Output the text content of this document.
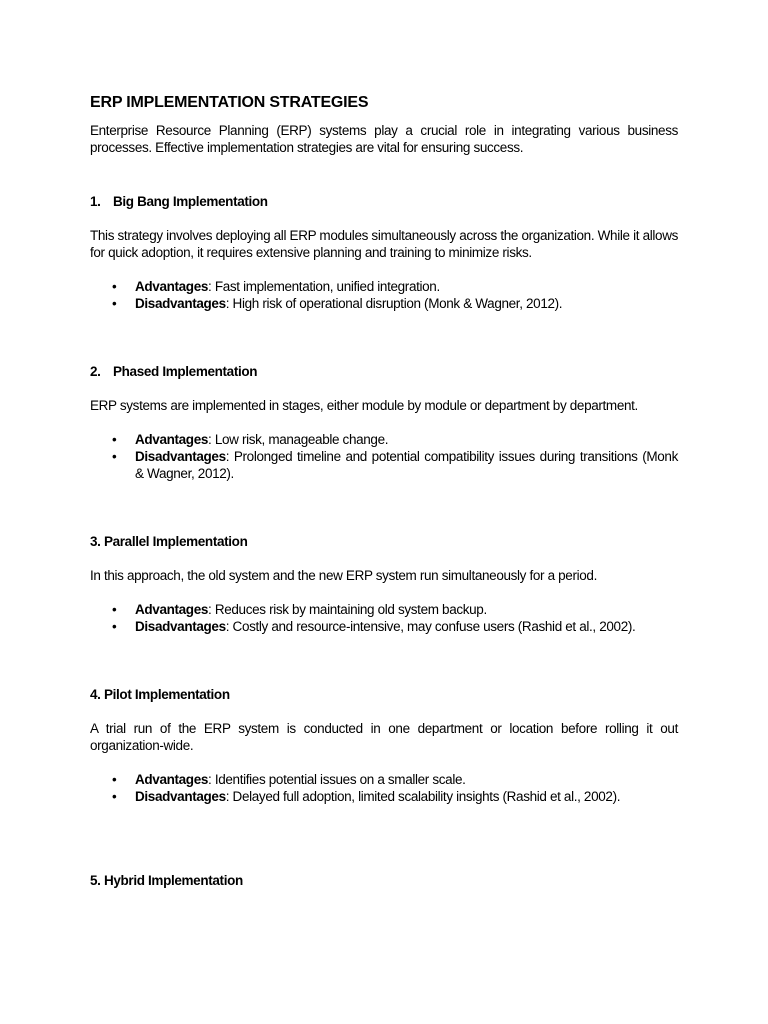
ERP IMPLEMENTATION STRATEGIES

Enterprise Resource Planning (ERP) systems play a crucial role in integrating various business processes. Effective implementation strategies are vital for ensuring success.

1. Big Bang Implementation

This strategy involves deploying all ERP modules simultaneously across the organization. While it allows for quick adoption, it requires extensive planning and training to minimize risks.

• Advantages: Fast implementation, unified integration.
• Disadvantages: High risk of operational disruption (Monk & Wagner, 2012).
2. Phased Implementation

ERP systems are implemented in stages, either module by module or department by department.

• Advantages: Low risk, manageable change.
• Disadvantages: Prolonged timeline and potential compatibility issues during transitions (Monk & Wagner, 2012).
3. Parallel Implementation

In this approach, the old system and the new ERP system run simultaneously for a period.

• Advantages: Reduces risk by maintaining old system backup.
• Disadvantages: Costly and resource-intensive, may confuse users (Rashid et al., 2002).
4. Pilot Implementation

A trial run of the ERP system is conducted in one department or location before rolling it out organization-wide.

• Advantages: Identifies potential issues on a smaller scale.
• Disadvantages: Delayed full adoption, limited scalability insights (Rashid et al., 2002).
5. Hybrid Implementation
